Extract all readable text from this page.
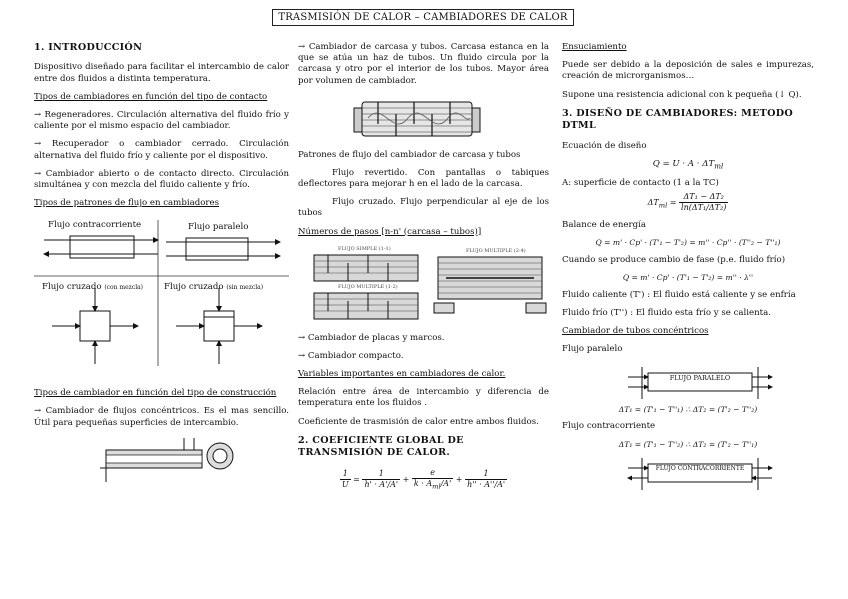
TRASMISIÓN DE CALOR – CAMBIADORES DE CALOR
1. INTRODUCCIÓN

Dispositivo diseñado para facilitar el intercambio de calor entre dos fluidos a distinta temperatura.

Tipos de cambiadores en función del tipo de contacto

→ Regeneradores. Circulación alternativa del fluido frío y caliente por el mismo espacio del cambiador.

→ Recuperador o cambiador cerrado. Circulación alternativa del fluido frío y caliente por el dispositivo.

→ Cambiador abierto o de contacto directo. Circulación simultánea y con mezcla del fluido caliente y frío.

Tipos de patrones de flujo en cambiadores

Flujo contracorriente	Flujo paralelo
Flujo cruzado (con mezcla) Flujo cruzado (sin mezcla)

Tipos de cambiador en función del tipo de construcción

→ Cambiador de flujos concéntricos. Es el mas sencillo. Útil para pequeñas superficies de intercambio.

→ Cambiador de carcasa y tubos. Carcasa estanca en la que se atúa un haz de tubos. Un fluido circula por la carcasa y otro por el interior de los tubos. Mayor área por volumen de cambiador.

Patrones de flujo del cambiador de carcasa y tubos

Flujo revertido. Con pantallas o tabiques deflectores para mejorar h en el lado de la carcasa.

Flujo cruzado. Flujo perpendicular al eje de los tubos

Números de pasos [n-n' (carcasa – tubos)]

FLUJO SIMPLE (1-1)
FLUJO MULTIPLE (1-2)
FLUJO MULTIPLE (2-4)

→ Cambiador de placas y marcos.

→ Cambiador compacto.

Variables importantes en cambiadores de calor.

Relación entre área de intercambio y diferencia de temperatura ente los fluidos .

Coeficiente de trasmisión de calor entre ambos fluidos.

2. COEFICIENTE GLOBAL DE TRANSMISIÓN DE CALOR.
$\frac{1}{U} = \frac{1}{h' \cdot A'/A'} + \frac{e}{k \cdot A_{ml}/A'} + \frac{1}{h'' \cdot A''/A'}$

Ensuciamiento

Puede ser debido a la deposición de sales e impurezas, creación de microrganismos…

Supone una resistencia adicional con k pequeña (↓ Q).

3. DISEÑO DE CAMBIADORES: METODO DTML

Ecuación de diseño

$Q = U \cdot A \cdot \Delta T_{ml}$

A: superficie de contacto (1 a la TC)

$\Delta T_{ml} = \frac{\text{ΔT₁ − ΔT₂}}{\text{ln(ΔT₁/ΔT₂)}}$

Balance de energía

Q = m' · Cp' · (T'₁ − T'₂) = m'' · Cp'' · (T''₂ − T''₁)

Cuando se produce cambio de fase (p.e. fluido frío)

Q = m' · Cp' · (T'₁ − T'₂) = m'' · λ''

Fluido caliente (T') : El fluido está caliente y se enfría

Fluido frío (T'') : El fluido esta frío y se calienta.

Cambiador de tubos concéntricos

Flujo paralelo

FLUJO PARALELO

ΔT₁ = (T'₁ − T''₁) ∴ ΔT₂ = (T'₂ − T''₂)

Flujo contracorriente

ΔT₁ = (T'₁ − T''₂) ∴ ΔT₂ = (T'₂ − T''₁)

FLUJO CONTRACORRIENTE
